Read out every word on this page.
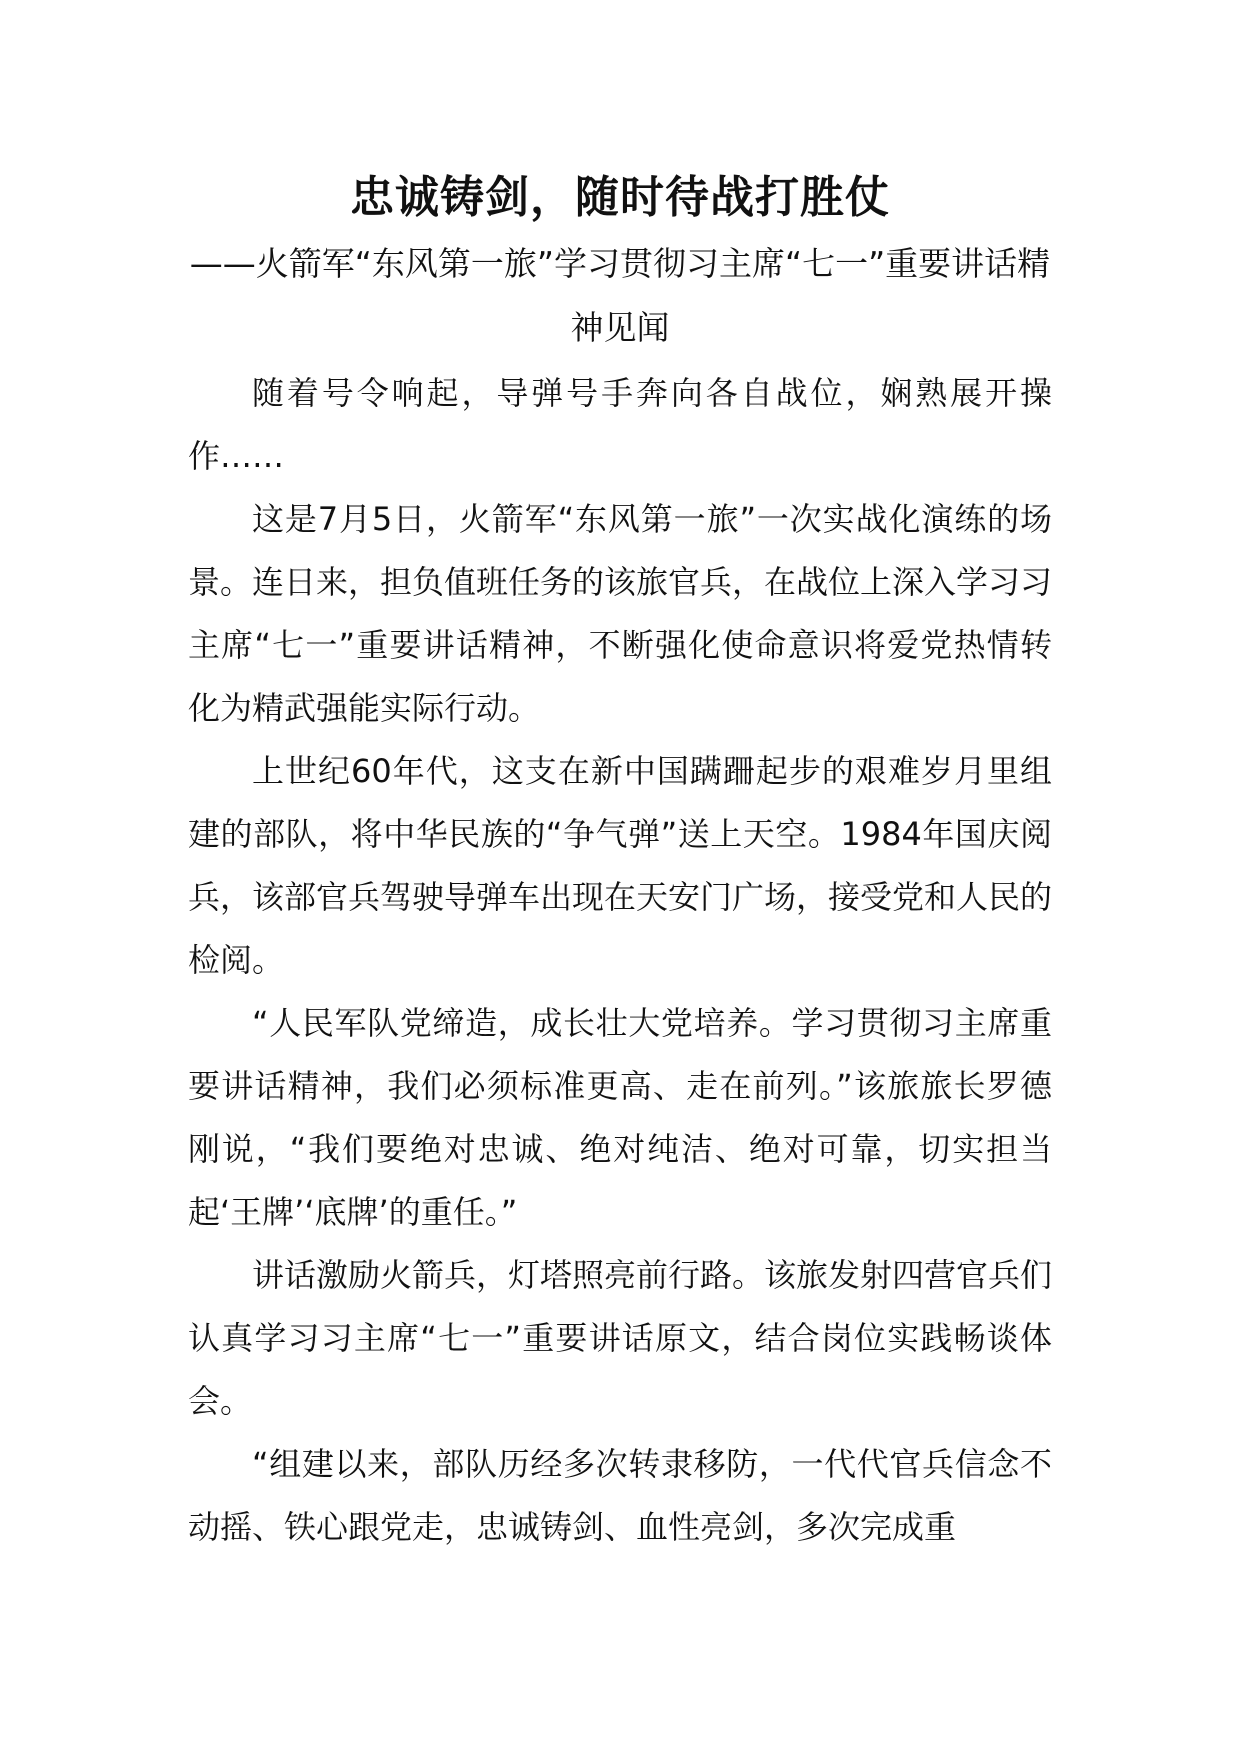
忠诚铸剑，随时待战打胜仗

——火箭军“东风第一旅”学习贯彻习主席“七一”重要讲话精神见闻

随着号令响起，导弹号手奔向各自战位，娴熟展开操作……

这是7月5日，火箭军“东风第一旅”一次实战化演练的场景。连日来，担负值班任务的该旅官兵，在战位上深入学习习主席“七一”重要讲话精神，不断强化使命意识将爱党热情转化为精武强能实际行动。

上世纪60年代，这支在新中国蹒跚起步的艰难岁月里组建的部队，将中华民族的“争气弹”送上天空。1984年国庆阅兵，该部官兵驾驶导弹车出现在天安门广场，接受党和人民的检阅。

“人民军队党缔造，成长壮大党培养。学习贯彻习主席重要讲话精神，我们必须标准更高、走在前列。”该旅旅长罗德刚说，“我们要绝对忠诚、绝对纯洁、绝对可靠，切实担当起‘王牌’‘底牌’的重任。”

讲话激励火箭兵，灯塔照亮前行路。该旅发射四营官兵们认真学习习主席“七一”重要讲话原文，结合岗位实践畅谈体会。

“组建以来，部队历经多次转隶移防，一代代官兵信念不动摇、铁心跟党走，忠诚铸剑、血性亮剑，多次完成重
